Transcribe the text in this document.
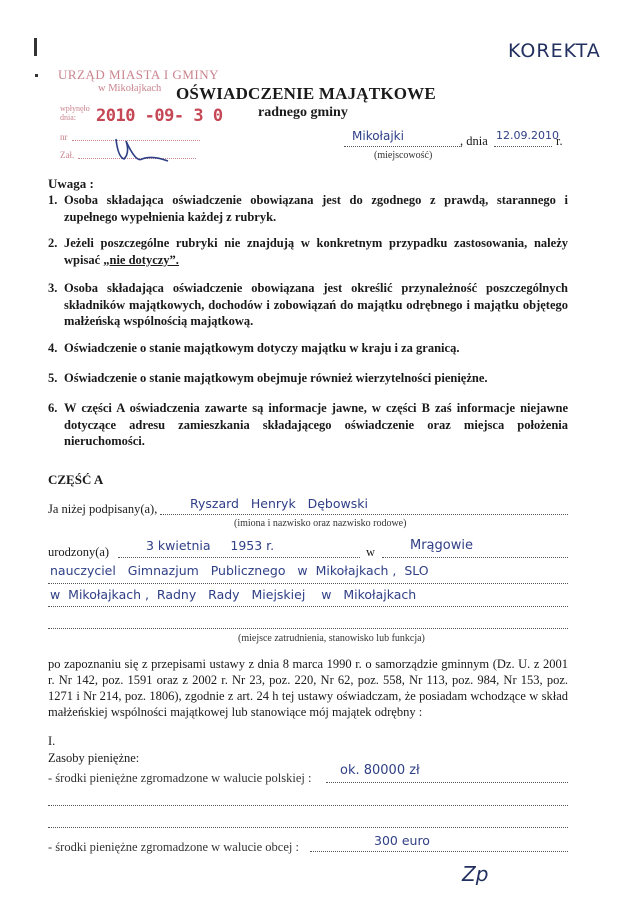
KOREKTA
URZĄD MIASTA I GMINY
w Mikołajkach
wpłynęło
dnia:	2010 -09- 3 0
nr
Zał.
OŚWIADCZENIE MAJĄTKOWE
radnego gminy
Mikołajki	, dnia 12.09.2010
r.
(miejscowość)
Uwaga :
1. Osoba składająca oświadczenie obowiązana jest do zgodnego z prawdą, starannego i zupełnego wypełnienia każdej z rubryk.
2. Jeżeli poszczególne rubryki nie znajdują w konkretnym przypadku zastosowania, należy wpisać „nie dotyczy”.
3. Osoba składająca oświadczenie obowiązana jest określić przynależność poszczególnych składników majątkowych, dochodów i zobowiązań do majątku odrębnego i majątku objętego małżeńską wspólnością majątkową.
4. Oświadczenie o stanie majątkowym dotyczy majątku w kraju i za granicą.
5. Oświadczenie o stanie majątkowym obejmuje również wierzytelności pieniężne.
6. W części A oświadczenia zawarte są informacje jawne, w części B zaś informacje niejawne dotyczące adresu zamieszkania składającego oświadczenie oraz miejsca położenia nieruchomości.
CZĘŚĆ A
Ja niżej podpisany(a),	Ryszard   Henryk   Dębowski
(imiona i nazwisko oraz nazwisko rodowe)
urodzony(a)	3 kwietnia     1953 r.	w	Mrągowie
nauczyciel   Gimnazjum   Publicznego   w  Mikołajkach ,  SLO
w  Mikołajkach ,  Radny   Rady   Miejskiej    w   Mikołajkach
(miejsce zatrudnienia, stanowisko lub funkcja)
po zapoznaniu się z przepisami ustawy z dnia 8 marca 1990 r. o samorządzie gminnym (Dz. U. z 2001 r. Nr 142, poz. 1591 oraz z 2002 r. Nr 23, poz. 220, Nr 62, poz. 558, Nr 113, poz. 984, Nr 153, poz. 1271 i Nr 214, poz. 1806), zgodnie z art. 24 h tej ustawy oświadczam, że posiadam wchodzące w skład małżeńskiej wspólności majątkowej lub stanowiące mój majątek odrębny :
I.
Zasoby pieniężne:
- środki pieniężne zgromadzone w walucie polskiej : ok. 80000 zł
- środki pieniężne zgromadzone w walucie obcej :	300 euro
Zp
